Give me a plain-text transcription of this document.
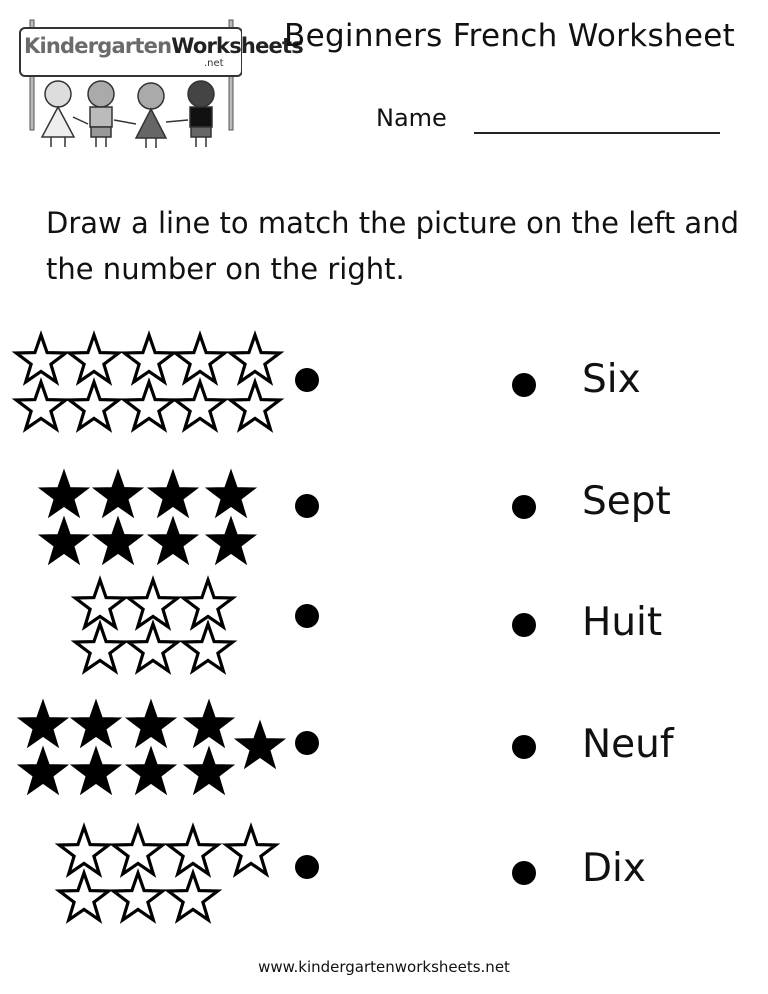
KindergartenWorksheets
.net
Beginners French Worksheet
Name
Draw a line to match the picture on the left and the number on the right.
Six
Sept
Huit
Neuf
Dix
www.kindergartenworksheets.net
